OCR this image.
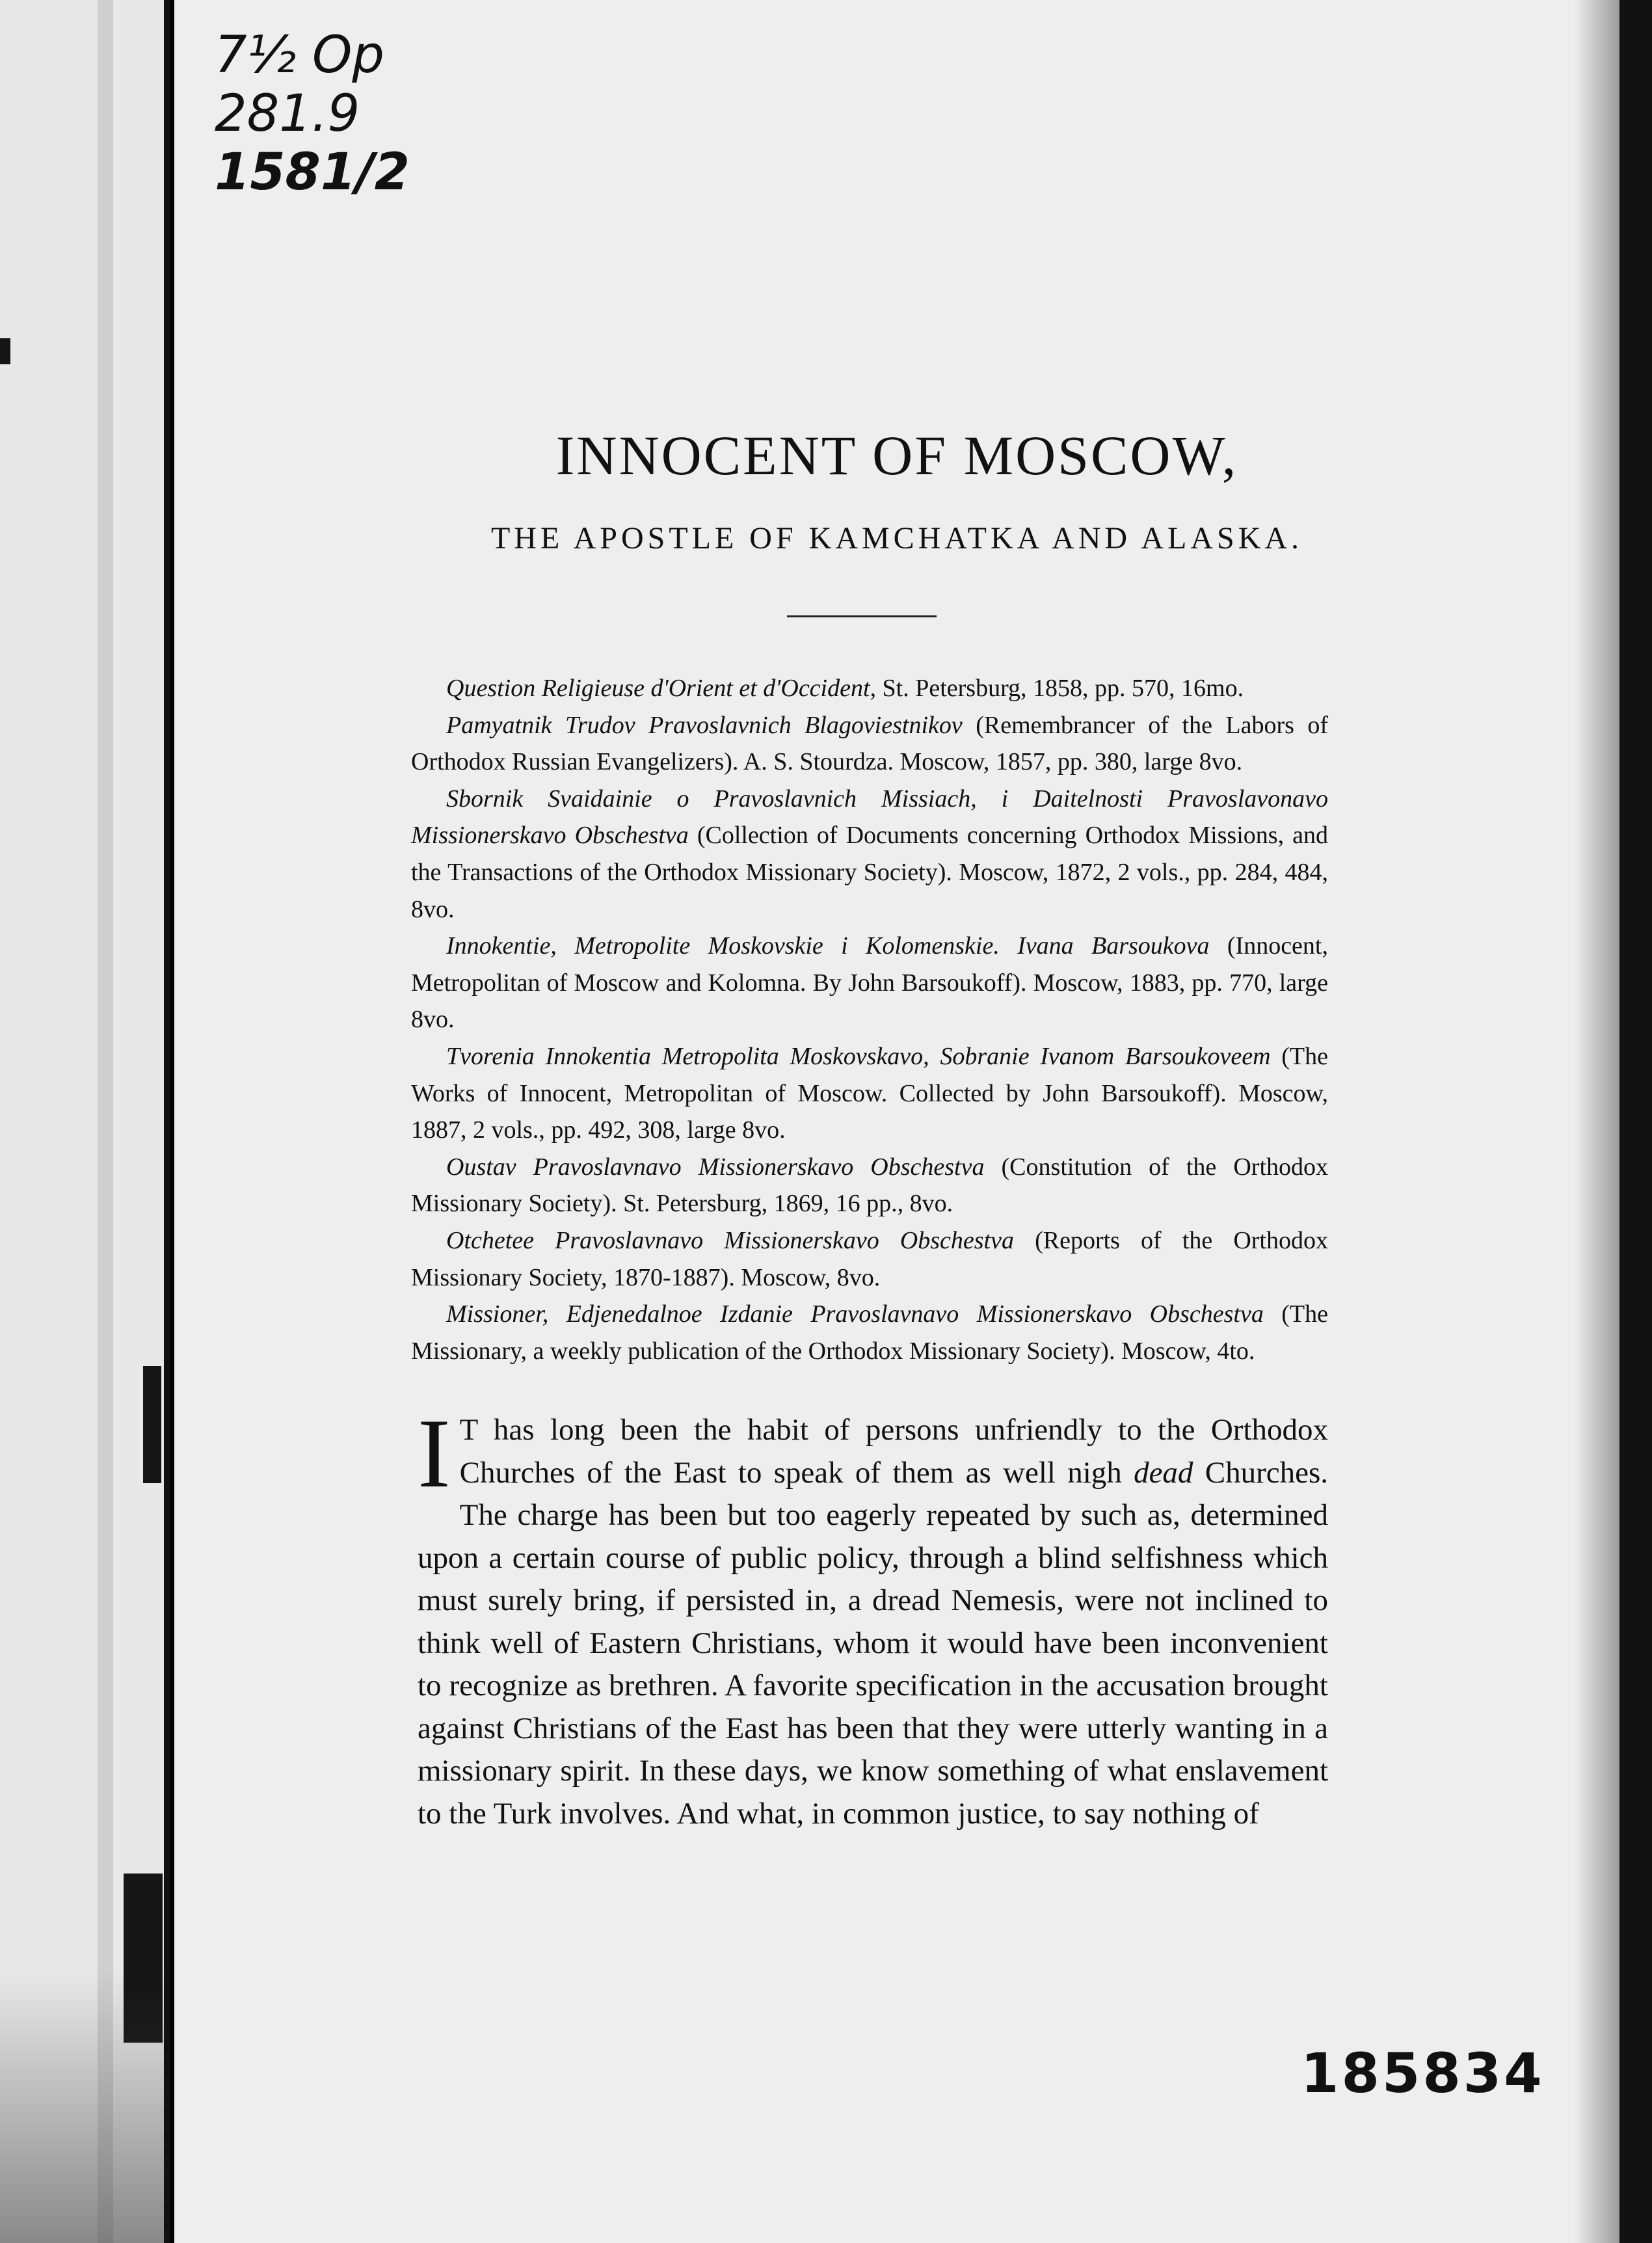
7½ Op
281.9
1581/2
INNOCENT OF MOSCOW,
THE APOSTLE OF KAMCHATKA AND ALASKA.

Question Religieuse d'Orient et d'Occident, St. Petersburg, 1858, pp. 570, 16mo.

Pamyatnik Trudov Pravoslavnich Blagoviestnikov (Remembrancer of the Labors of Orthodox Russian Evangelizers). A. S. Stourdza. Moscow, 1857, pp. 380, large 8vo.

Sbornik Svaidainie o Pravoslavnich Missiach, i Daitelnosti Pravoslavonavo Missionerskavo Obschestva (Collection of Documents concerning Orthodox Missions, and the Transactions of the Orthodox Missionary Society). Moscow, 1872, 2 vols., pp. 284, 484, 8vo.

Innokentie, Metropolite Moskovskie i Kolomenskie. Ivana Barsoukova (Innocent, Metropolitan of Moscow and Kolomna. By John Barsoukoff). Moscow, 1883, pp. 770, large 8vo.

Tvorenia Innokentia Metropolita Moskovskavo, Sobranie Ivanom Barsoukoveem (The Works of Innocent, Metropolitan of Moscow. Collected by John Barsoukoff). Moscow, 1887, 2 vols., pp. 492, 308, large 8vo.

Oustav Pravoslavnavo Missionerskavo Obschestva (Constitution of the Orthodox Missionary Society). St. Petersburg, 1869, 16 pp., 8vo.

Otchetee Pravoslavnavo Missionerskavo Obschestva (Reports of the Orthodox Missionary Society, 1870-1887). Moscow, 8vo.

Missioner, Edjenedalnoe Izdanie Pravoslavnavo Missionerskavo Obschestva (The Missionary, a weekly publication of the Orthodox Missionary Society). Moscow, 4to.

I T has long been the habit of persons unfriendly to the Orthodox Churches of the East to speak of them as well nigh dead Churches. The charge has been but too eagerly repeated by such as, determined upon a certain course of public policy, through a blind selfishness which must surely bring, if persisted in, a dread Nemesis, were not inclined to think well of Eastern Christians, whom it would have been inconvenient to recognize as brethren. A favorite specification in the accusation brought against Christians of the East has been that they were utterly wanting in a missionary spirit. In these days, we know something of what enslavement to the Turk involves. And what, in common justice, to say nothing of

185834
